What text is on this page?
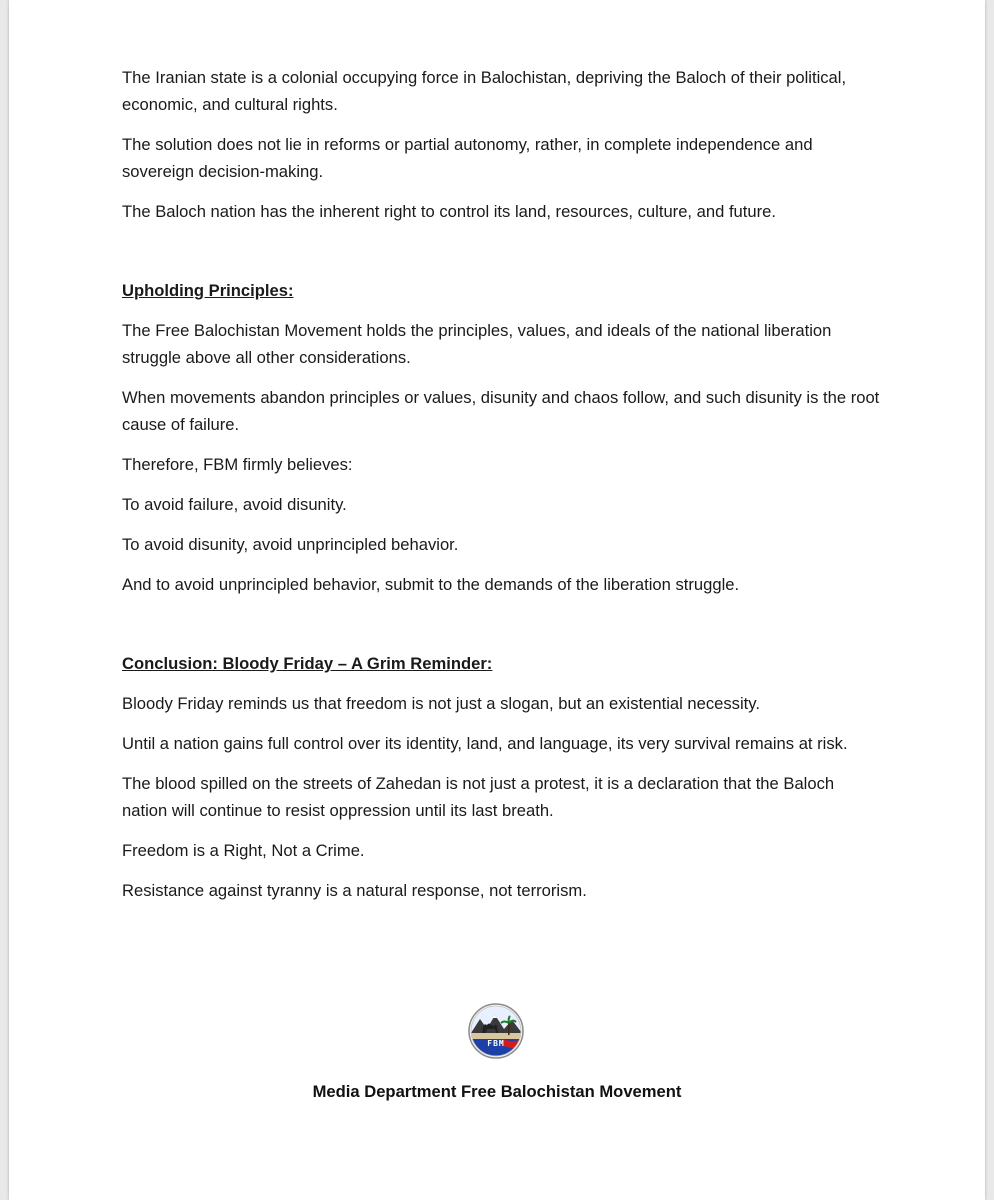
The Iranian state is a colonial occupying force in Balochistan, depriving the Baloch of their political, economic, and cultural rights.

The solution does not lie in reforms or partial autonomy, rather, in complete independence and sovereign decision-making.

The Baloch nation has the inherent right to control its land, resources, culture, and future.

Upholding Principles:

The Free Balochistan Movement holds the principles, values, and ideals of the national liberation struggle above all other considerations.

When movements abandon principles or values, disunity and chaos follow, and such disunity is the root cause of failure.

Therefore, FBM firmly believes:

To avoid failure, avoid disunity.

To avoid disunity, avoid unprincipled behavior.

And to avoid unprincipled behavior, submit to the demands of the liberation struggle.

Conclusion: Bloody Friday – A Grim Reminder:

Bloody Friday reminds us that freedom is not just a slogan, but an existential necessity.

Until a nation gains full control over its identity, land, and language, its very survival remains at risk.

The blood spilled on the streets of Zahedan is not just a protest, it is a declaration that the Baloch nation will continue to resist oppression until its last breath.

Freedom is a Right, Not a Crime.

Resistance against tyranny is a natural response, not terrorism.

FBM
Media Department Free Balochistan Movement
